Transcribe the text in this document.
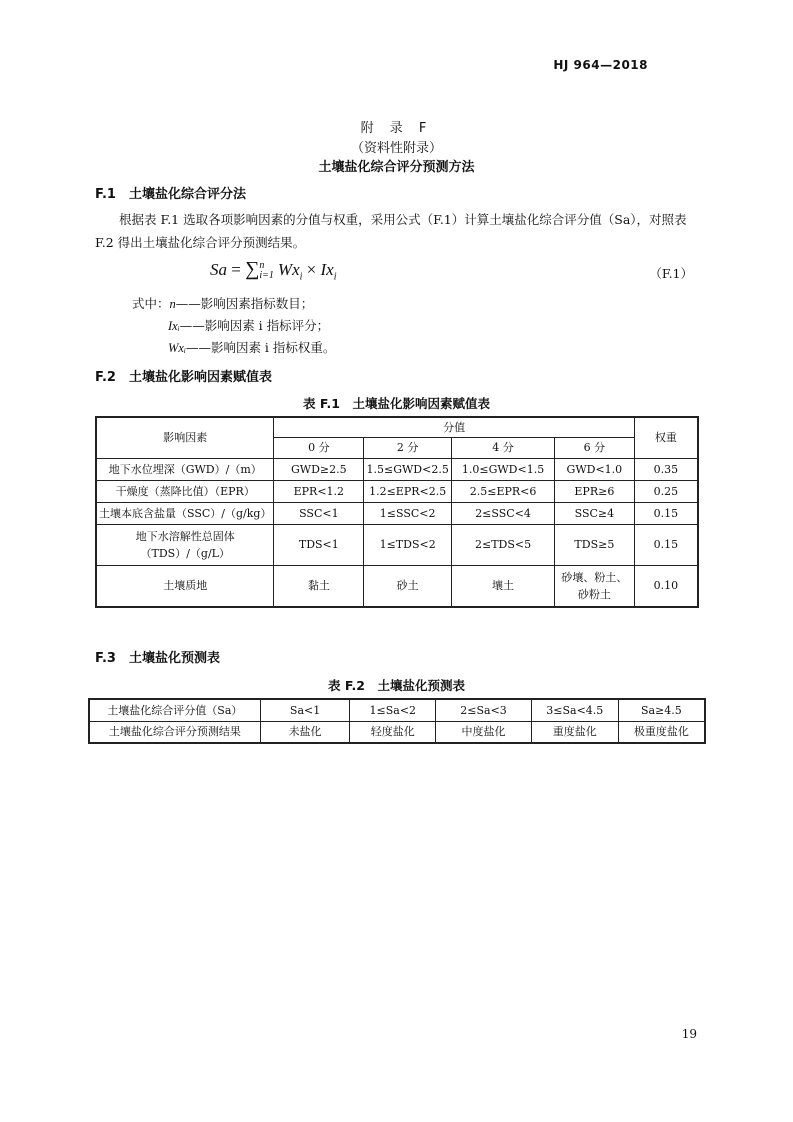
HJ 964—2018
附 录 F
（资料性附录）
土壤盐化综合评分预测方法
F.1 土壤盐化综合评分法
根据表 F.1 选取各项影响因素的分值与权重，采用公式（F.1）计算土壤盐化综合评分值（Sa），对照表 F.2 得出土壤盐化综合评分预测结果。
Sa = ∑ n
i=1 $Wx_i \times Ix_i$	（F.1）
式中：n——影响因素指标数目；
Ixᵢ——影响因素 i 指标评分；
Wxᵢ——影响因素 i 指标权重。
F.2 土壤盐化影响因素赋值表
表 F.1　土壤盐化影响因素赋值表
影响因素	分值				权重
	0 分	2 分	4 分	6 分	
地下水位埋深（GWD）/（m）	GWD≥2.5	1.5≤GWD<2.5	1.0≤GWD<1.5	GWD<1.0	0.35
干燥度（蒸降比值）（EPR）	EPR<1.2	1.2≤EPR<2.5	2.5≤EPR<6	EPR≥6	0.25
土壤本底含盐量（SSC）/（g/kg）	SSC<1	1≤SSC<2	2≤SSC<4	SSC≥4	0.15

地下水溶解性总固体
（TDS）/（g/L）	TDS<1	1≤TDS<2	2≤TDS<5	TDS≥5	0.15
土壤质地	黏土	砂土	壤土	砂壤、粉土、
砂粉土	0.10
F.3 土壤盐化预测表
表 F.2　土壤盐化预测表
土壤盐化综合评分值（Sa）	Sa<1	1≤Sa<2	2≤Sa<3	3≤Sa<4.5	Sa≥4.5
土壤盐化综合评分预测结果	未盐化	轻度盐化	中度盐化	重度盐化	极重度盐化
19
